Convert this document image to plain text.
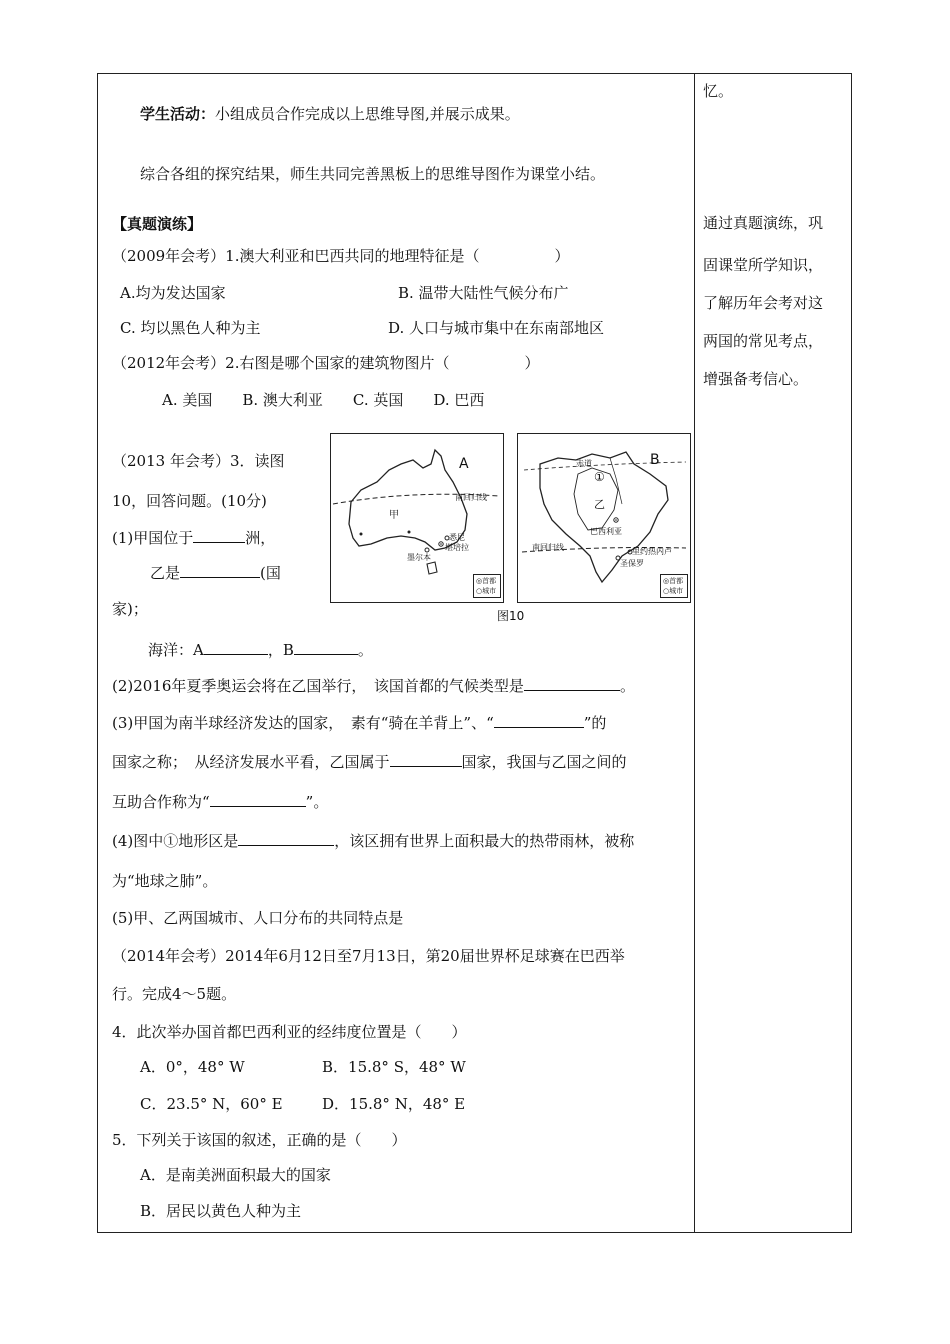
忆。
通过真题演练，巩
固课堂所学知识，
了解历年会考对这
两国的常见考点，
增强备考信心。
学生活动：小组成员合作完成以上思维导图,并展示成果。
综合各组的探究结果，师生共同完善黑板上的思维导图作为课堂小结。
【真题演练】
（2009年会考）1.澳大利亚和巴西共同的地理特征是（　　　　　）
A.均为发达国家	B. 温带大陆性气候分布广
C. 均以黑色人种为主	D. 人口与城市集中在东南部地区
（2012年会考）2.右图是哪个国家的建筑物图片（　　　　　）
A. 美国　　B. 澳大利亚　　C. 英国　　D. 巴西
（2013 年会考）3．读图
10，回答问题。(10分)
(1)甲国位于	洲，
乙是	(国
家)；
海洋：A	，B	。
(2)2016年夏季奥运会将在乙国举行，　该国首都的气候类型是	。
(3)甲国为南半球经济发达的国家，　素有“骑在羊背上”、“	”的
国家之称；　从经济发展水平看，乙国属于	国家，我国与乙国之间的
互助合作称为“	”。
(4)图中①地形区是	，该区拥有世界上面积最大的热带雨林，被称
为“地球之肺”。
(5)甲、乙两国城市、人口分布的共同特点是
（2014年会考）2014年6月12日至7月13日，第20届世界杯足球赛在巴西举
行。完成4～5题。
4．此次举办国首都巴西利亚的经纬度位置是（　　）
A．0°，48° W	B．15.8° S，48° W
C．23.5° N，60° E	D．15.8° N，48° E
5．下列关于该国的叙述，正确的是（　　）
A．是南美洲面积最大的国家
B．居民以黄色人种为主
A
甲
南回归线
悉尼
堪培拉
墨尔本
◎首都
○城市
B
①
乙
巴西利亚
南回归线	里约热内卢
圣保罗
赤道
◎首都
○城市
图10
